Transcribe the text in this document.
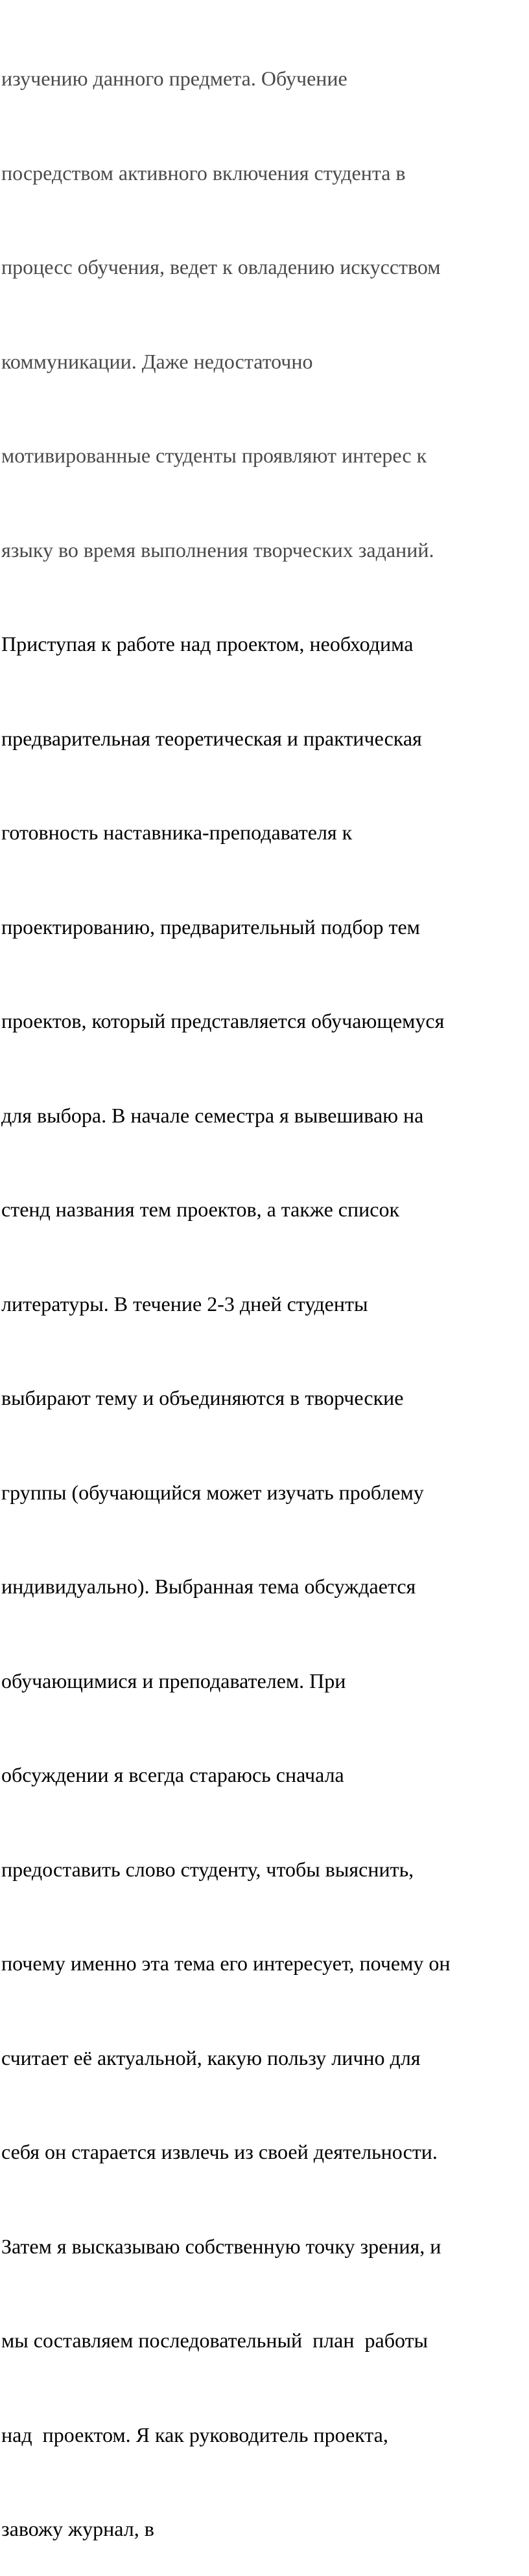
изучению данного предмета. Обучение

посредством активного включения студента в

процесс обучения, ведет к овладению искусством

коммуникации. Даже недостаточно

мотивированные студенты проявляют интерес к

языку во время выполнения творческих заданий.

Приступая к работе над проектом, необходима

предварительная теоретическая и практическая

готовность наставника-преподавателя к

проектированию, предварительный подбор тем

проектов, который представляется обучающемуся

для выбора. В начале семестра я вывешиваю на

стенд названия тем проектов, а также список

литературы. В течение 2-3 дней студенты

выбирают тему и объединяются в творческие

группы (обучающийся может изучать проблему

индивидуально). Выбранная тема обсуждается

обучающимися и преподавателем. При

обсуждении я всегда стараюсь сначала

предоставить слово студенту, чтобы выяснить,

почему именно эта тема его интересует, почему он

считает её актуальной, какую пользу лично для

себя он старается извлечь из своей деятельности.

Затем я высказываю собственную точку зрения, и

мы составляем последовательный  план  работы

над  проектом. Я как руководитель проекта,

завожу журнал, в
